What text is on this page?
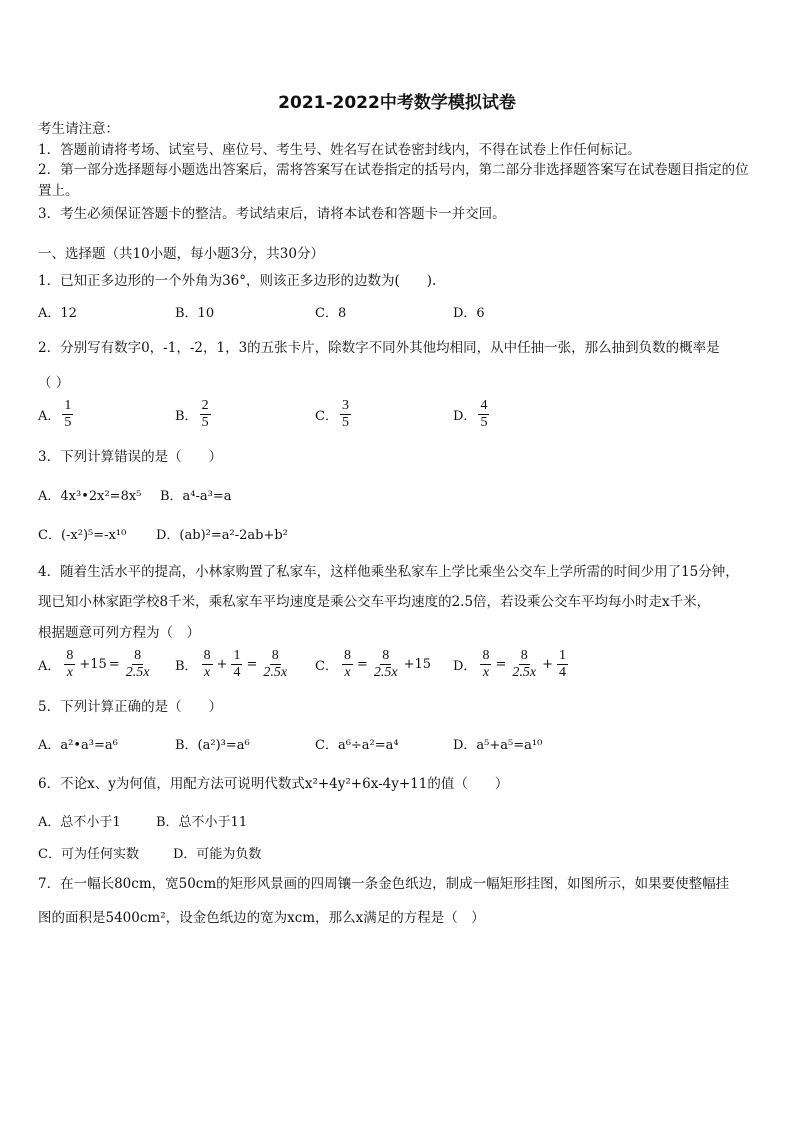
2021-2022中考数学模拟试卷
考生请注意：
1．答题前请将考场、试室号、座位号、考生号、姓名写在试卷密封线内，不得在试卷上作任何标记。
2．第一部分选择题每小题选出答案后，需将答案写在试卷指定的括号内，第二部分非选择题答案写在试卷题目指定的位置上。
3．考生必须保证答题卡的整洁。考试结束后，请将本试卷和答题卡一并交回。
一、选择题（共10小题，每小题3分，共30分）
1．已知正多边形的一个外角为36°，则该正多边形的边数为(　　).
A．12	B．10	C．8	D．6
2．分别写有数字0，-1，-2，1，3的五张卡片，除数字不同外其他均相同，从中任抽一张，那么抽到负数的概率是
（ ）
A． $\frac{1}{5}$	B． $\frac{2}{5}$	C． $\frac{3}{5}$	D． $\frac{4}{5}$
3．下列计算错误的是（　　）
A．4x³•2x²=8x⁵ B．a⁴-a³=a
C．(-x²)⁵=-x¹⁰ D．(ab)²=a²-2ab+b²
4．随着生活水平的提高，小林家购置了私家车，这样他乘坐私家车上学比乘坐公交车上学所需的时间少用了15分钟，
现已知小林家距学校8千米，乘私家车平均速度是乘公交车平均速度的2.5倍，若设乘公交车平均每小时走x千米，
根据题意可列方程为（　）
A． $\frac{8}{x} +15 = \frac{8}{2.5x}$ B． $\frac{8}{x} + \frac{1}{4} = \frac{8}{2.5x}$ C． $\frac{8}{x} = \frac{8}{2.5x} +15$ D． $\frac{8}{x} = \frac{8}{2.5x} + \frac{1}{4}$
5．下列计算正确的是（　　）
A．a²•a³=a⁶	B．(a²)³=a⁶	C．a⁶÷a²=a⁴	D．a⁵+a⁵=a¹⁰
6．不论x、y为何值，用配方法可说明代数式x²+4y²+6x-4y+11的值（　　）
A．总不小于1	B．总不小于11
C．可为任何实数	D．可能为负数
7．在一幅长80cm，宽50cm的矩形风景画的四周镶一条金色纸边，制成一幅矩形挂图，如图所示，如果要使整幅挂
图的面积是5400cm²，设金色纸边的宽为xcm，那么x满足的方程是（　）
